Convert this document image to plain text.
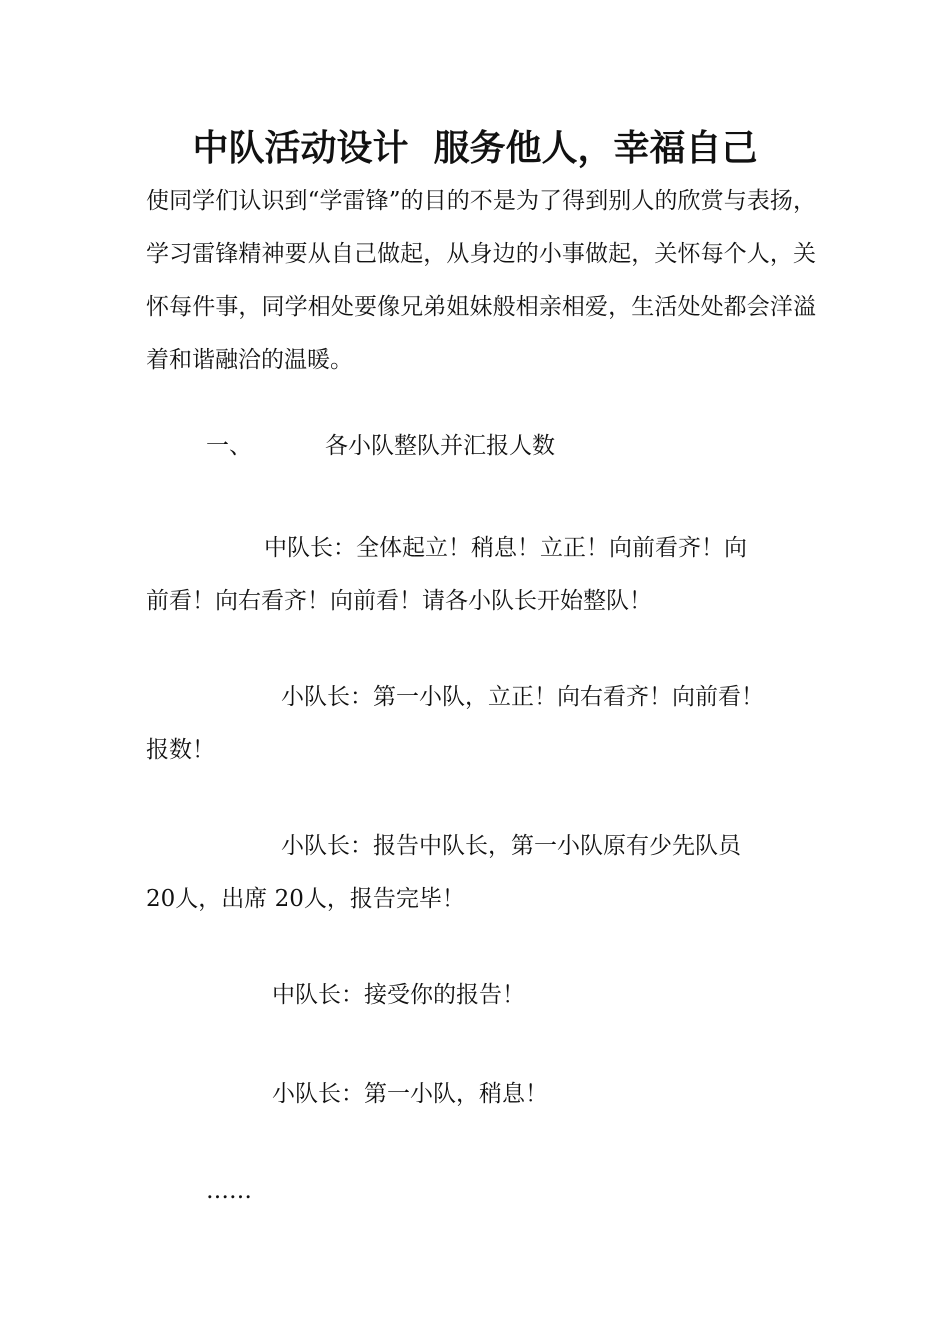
中队活动设计  服务他人，幸福自己

使同学们认识到“学雷锋”的目的不是为了得到别人的欣赏与表扬，学习雷锋精神要从自己做起，从身边的小事做起，关怀每个人，关怀每件事，同学相处要像兄弟姐妹般相亲相爱，生活处处都会洋溢着和谐融洽的温暖。

一、	各小队整队并汇报人数
中队长：全体起立！稍息！立正！向前看齐！向
前看！向右看齐！向前看！请各小队长开始整队！
小队长：第一小队，立正！向右看齐！向前看！
报数！
小队长：报告中队长，第一小队原有少先队员
20人，出席 20人，报告完毕！
中队长：接受你的报告！
小队长：第一小队，稍息！
……
